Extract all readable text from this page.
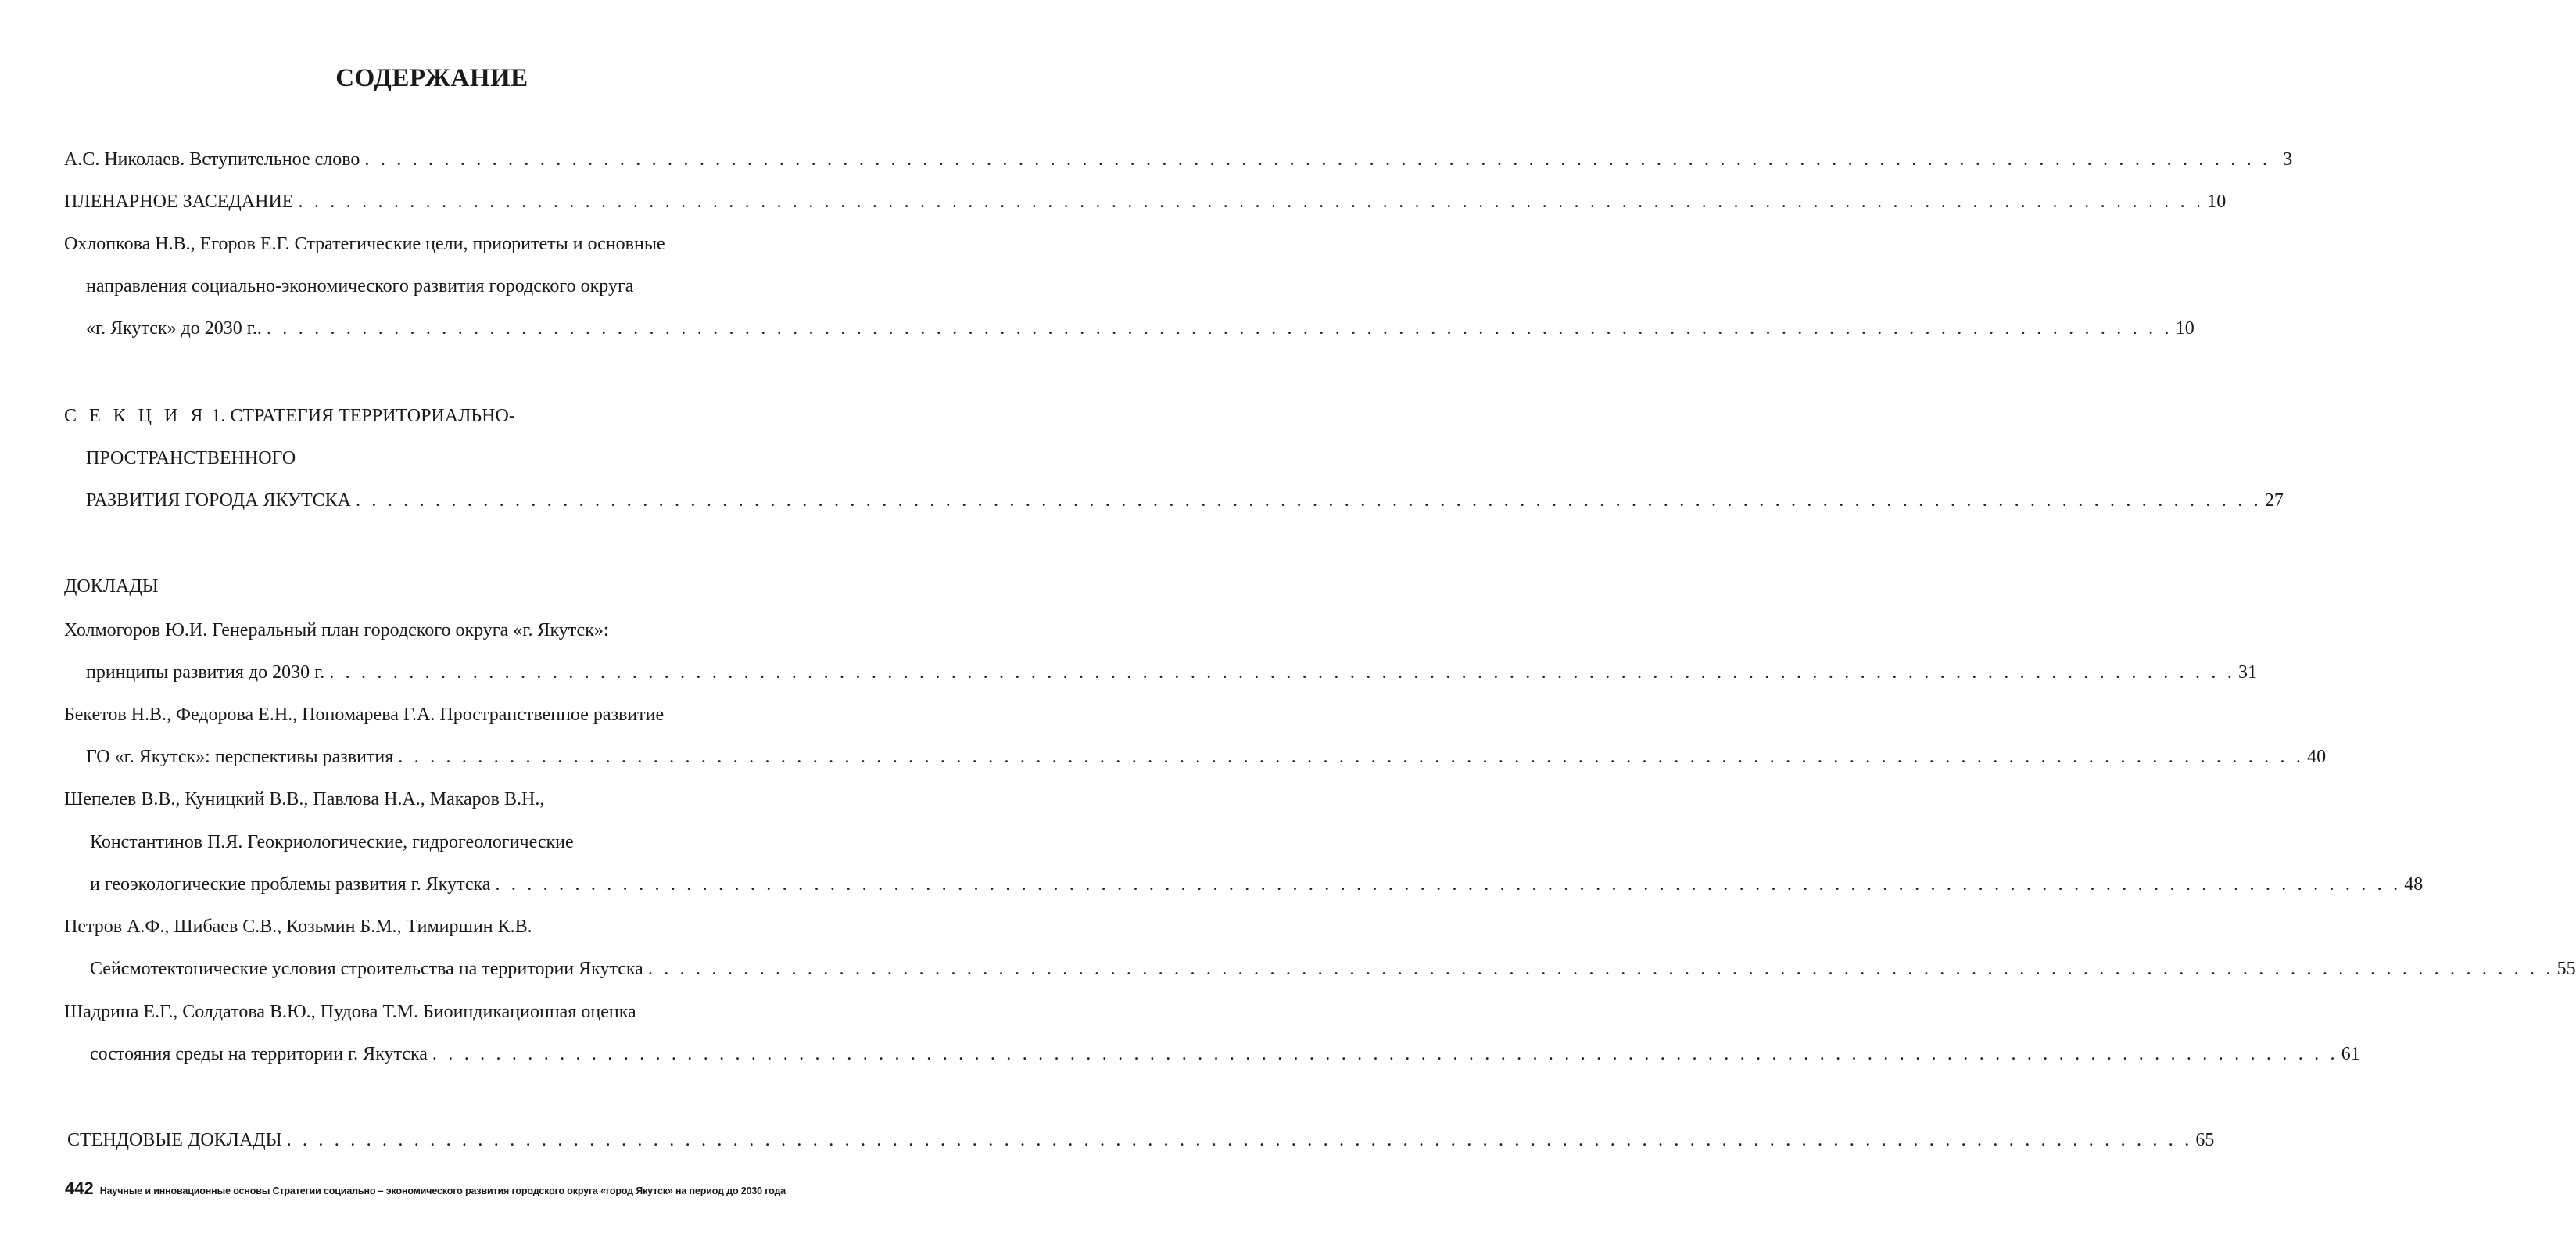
СОДЕРЖАНИЕ
А.С. Николаев. Вступительное слово . . . . . . . . . . . . . . . . . . . . . . . . . . . . . . . . . . . . . . . . . . . . . . . . . . . . . . . . . . . . . . . . . . . . . . . . . . . . . . . . . . . . . . . . . . . . . . . . . . . . . . . . . . . . . . . . . . . . . . . . 3
ПЛЕНАРНОЕ ЗАСЕДАНИЕ . . . . . . . . . . . . . . . . . . . . . . . . . . . . . . . . . . . . . . . . . . . . . . . . . . . . . . . . . . . . . . . . . . . . . . . . . . . . . . . . . . . . . . . . . . . . . . . . . . . . . . . . . . . . . . . . . . . . . . . . 10
Охлопкова Н.В., Егоров Е.Г. Стратегические цели, приоритеты и основные
направления социально-экономического развития городского округа
«г. Якутск» до 2030 г.. . . . . . . . . . . . . . . . . . . . . . . . . . . . . . . . . . . . . . . . . . . . . . . . . . . . . . . . . . . . . . . . . . . . . . . . . . . . . . . . . . . . . . . . . . . . . . . . . . . . . . . . . . . . . . . . . . . . . . . . . 10
С Е К Ц И Я 1. СТРАТЕГИЯ ТЕРРИТОРИАЛЬНО-
ПРОСТРАНСТВЕННОГО
РАЗВИТИЯ ГОРОДА ЯКУТСКА . . . . . . . . . . . . . . . . . . . . . . . . . . . . . . . . . . . . . . . . . . . . . . . . . . . . . . . . . . . . . . . . . . . . . . . . . . . . . . . . . . . . . . . . . . . . . . . . . . . . . . . . . . . . . . . . . . . . . . . . 27
ДОКЛАДЫ
Холмогоров Ю.И. Генеральный план городского округа «г. Якутск»:
принципы развития до 2030 г. . . . . . . . . . . . . . . . . . . . . . . . . . . . . . . . . . . . . . . . . . . . . . . . . . . . . . . . . . . . . . . . . . . . . . . . . . . . . . . . . . . . . . . . . . . . . . . . . . . . . . . . . . . . . . . . . . . . . . . . . 31
Бекетов Н.В., Федорова Е.Н., Пономарева Г.А. Пространственное развитие
ГО «г. Якутск»: перспективы развития . . . . . . . . . . . . . . . . . . . . . . . . . . . . . . . . . . . . . . . . . . . . . . . . . . . . . . . . . . . . . . . . . . . . . . . . . . . . . . . . . . . . . . . . . . . . . . . . . . . . . . . . . . . . . . . . . . . . . . . . 40
Шепелев В.В., Куницкий В.В., Павлова Н.А., Макаров В.Н.,
Константинов П.Я. Геокриологические, гидрогеологические
и геоэкологические проблемы развития г. Якутска . . . . . . . . . . . . . . . . . . . . . . . . . . . . . . . . . . . . . . . . . . . . . . . . . . . . . . . . . . . . . . . . . . . . . . . . . . . . . . . . . . . . . . . . . . . . . . . . . . . . . . . . . . . . . . . . . . . . . . . . 48
Петров А.Ф., Шибаев С.В., Козьмин Б.М., Тимиршин К.В.
Сейсмотектонические условия строительства на территории Якутска . . . . . . . . . . . . . . . . . . . . . . . . . . . . . . . . . . . . . . . . . . . . . . . . . . . . . . . . . . . . . . . . . . . . . . . . . . . . . . . . . . . . . . . . . . . . . . . . . . . . . . . . . . . . . . . . . . . . . . . . 55
Шадрина Е.Г., Солдатова В.Ю., Пудова Т.М. Биоиндикационная оценка
состояния среды на территории г. Якутска . . . . . . . . . . . . . . . . . . . . . . . . . . . . . . . . . . . . . . . . . . . . . . . . . . . . . . . . . . . . . . . . . . . . . . . . . . . . . . . . . . . . . . . . . . . . . . . . . . . . . . . . . . . . . . . . . . . . . . . . 61
СТЕНДОВЫЕ ДОКЛАДЫ . . . . . . . . . . . . . . . . . . . . . . . . . . . . . . . . . . . . . . . . . . . . . . . . . . . . . . . . . . . . . . . . . . . . . . . . . . . . . . . . . . . . . . . . . . . . . . . . . . . . . . . . . . . . . . . . . . . . . . . . 65
442 Научные и инновационные основы Стратегии социально – экономического развития городского округа «город Якутск» на период до 2030 года
